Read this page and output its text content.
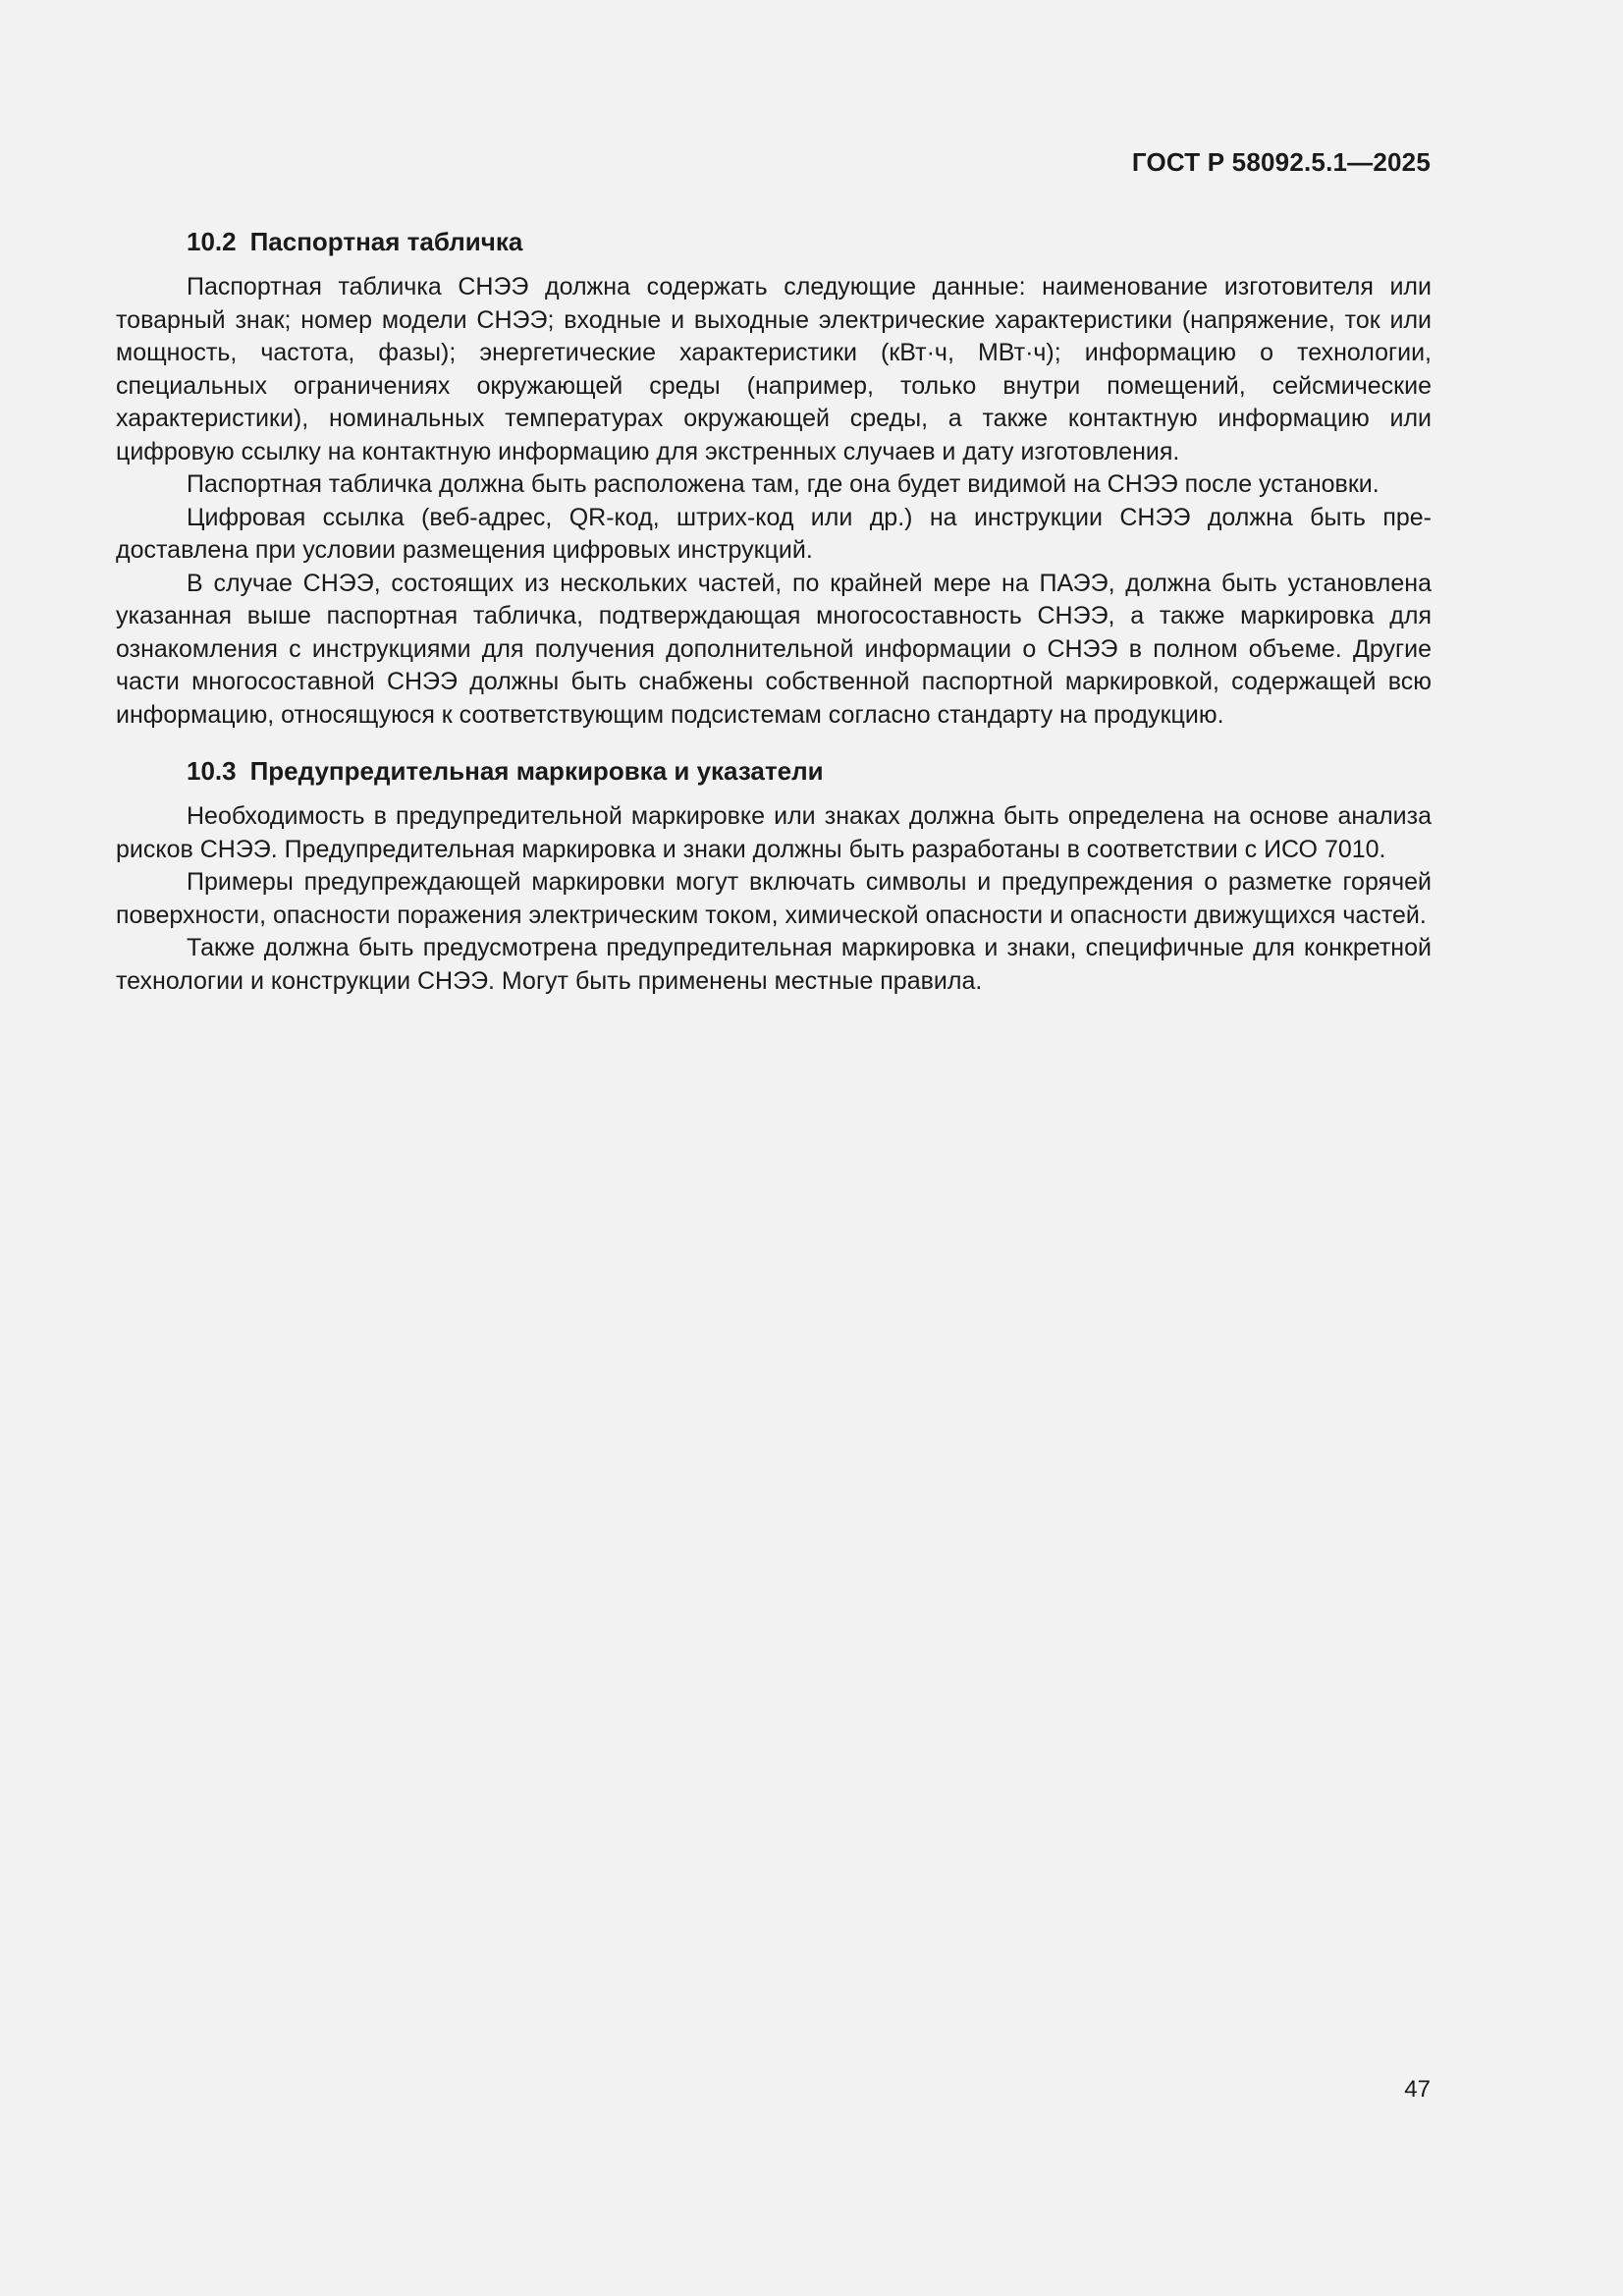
ГОСТ Р 58092.5.1—2025
10.2 Паспортная табличка

Паспортная табличка СНЭЭ должна содержать следующие данные: наименование изготовителя или товарный знак; номер модели СНЭЭ; входные и выходные электрические характеристики (напряжение, ток или мощность, частота, фазы); энергетические характеристики (кВт·ч, МВт·ч); информацию о технологии, специальных ограничениях окружающей среды (например, только внутри помещений, сейсмические характеристики), номинальных температурах окружающей среды, а также контактную информацию или цифровую ссылку на контактную информацию для экстренных случаев и дату изготовления.

Паспортная табличка должна быть расположена там, где она будет видимой на СНЭЭ после установки.

Цифровая ссылка (веб-адрес, QR-код, штрих-код или др.) на инструкции СНЭЭ должна быть предоставлена при условии размещения цифровых инструкций.

В случае СНЭЭ, состоящих из нескольких частей, по крайней мере на ПАЭЭ, должна быть установлена указанная выше паспортная табличка, подтверждающая многосоставность СНЭЭ, а также маркировка для ознакомления с инструкциями для получения дополнительной информации о СНЭЭ в полном объеме. Другие части многосоставной СНЭЭ должны быть снабжены собственной паспортной маркировкой, содержащей всю информацию, относящуюся к соответствующим подсистемам согласно стандарту на продукцию.

10.3 Предупредительная маркировка и указатели

Необходимость в предупредительной маркировке или знаках должна быть определена на основе анализа рисков СНЭЭ. Предупредительная маркировка и знаки должны быть разработаны в соответствии с ИСО 7010.

Примеры предупреждающей маркировки могут включать символы и предупреждения о разметке горячей поверхности, опасности поражения электрическим током, химической опасности и опасности движущихся частей.

Также должна быть предусмотрена предупредительная маркировка и знаки, специфичные для конкретной технологии и конструкции СНЭЭ. Могут быть применены местные правила.

47
